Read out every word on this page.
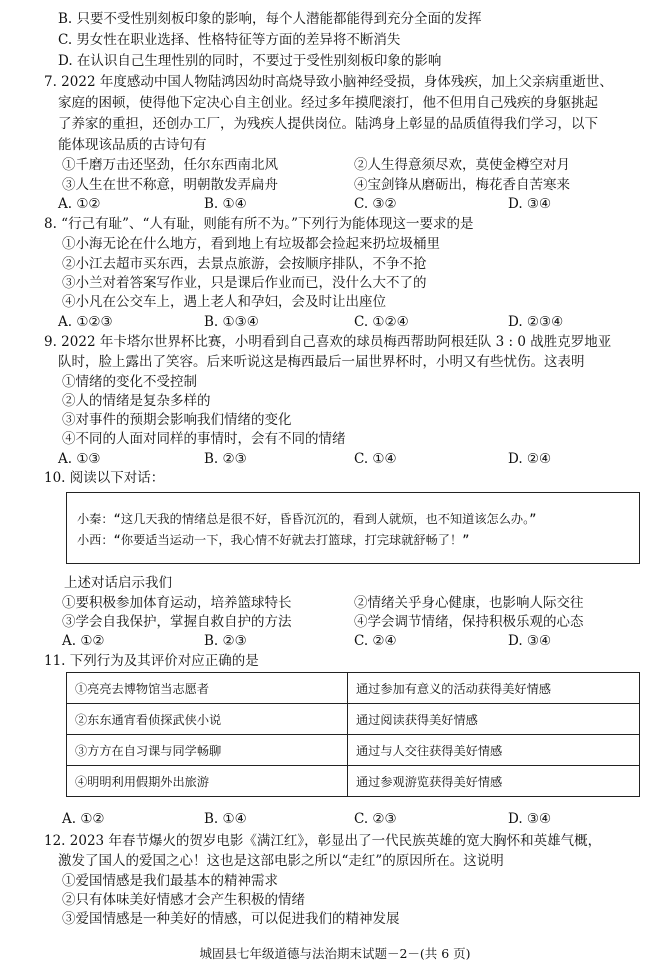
B. 只要不受性别刻板印象的影响，每个人潜能都能得到充分全面的发挥
C. 男女性在职业选择、性格特征等方面的差异将不断消失
D. 在认识自己生理性别的同时，不要过于受性别刻板印象的影响
7. 2022 年度感动中国人物陆鸿因幼时高烧导致小脑神经受损，身体残疾，加上父亲病重逝世、
家庭的困顿，使得他下定决心自主创业。经过多年摸爬滚打，他不但用自己残疾的身躯挑起
了养家的重担，还创办工厂，为残疾人提供岗位。陆鸿身上彰显的品质值得我们学习，以下
能体现该品质的古诗句有
①千磨万击还坚劲，任尔东西南北风	②人生得意须尽欢，莫使金樽空对月
③人生在世不称意，明朝散发弄扁舟	④宝剑锋从磨砺出，梅花香自苦寒来
A. ①②	B. ①④	C. ③②	D. ③④
8. “行己有耻”、“人有耻，则能有所不为。”下列行为能体现这一要求的是
①小海无论在什么地方，看到地上有垃圾都会捡起来扔垃圾桶里
②小江去超市买东西，去景点旅游，会按顺序排队，不争不抢
③小兰对着答案写作业，只是课后作业而已，没什么大不了的
④小凡在公交车上，遇上老人和孕妇，会及时让出座位
A. ①②③	B. ①③④	C. ①②④	D. ②③④
9. 2022 年卡塔尔世界杯比赛，小明看到自己喜欢的球员梅西帮助阿根廷队 3 : 0 战胜克罗地亚
队时，脸上露出了笑容。后来听说这是梅西最后一届世界杯时，小明又有些忧伤。这表明
①情绪的变化不受控制
②人的情绪是复杂多样的
③对事件的预期会影响我们情绪的变化
④不同的人面对同样的事情时，会有不同的情绪
A. ①③	B. ②③	C. ①④	D. ②④
10. 阅读以下对话：
小秦：“这几天我的情绪总是很不好，昏昏沉沉的，看到人就烦，也不知道该怎么办。”
小西：“你要适当运动一下，我心情不好就去打篮球，打完球就舒畅了！”
上述对话启示我们
①要积极参加体育运动，培养篮球特长	②情绪关乎身心健康，也影响人际交往
③学会自我保护，掌握自救自护的方法	④学会调节情绪，保持积极乐观的心态
A. ①②	B. ②③	C. ②④	D. ③④
11. 下列行为及其评价对应正确的是
①亮亮去博物馆当志愿者	通过参加有意义的活动获得美好情感
②东东通宵看侦探武侠小说	通过阅读获得美好情感
③方方在自习课与同学畅聊	通过与人交往获得美好情感
④明明利用假期外出旅游	通过参观游览获得美好情感
A. ①②	B. ①④	C. ②③	D. ③④
12. 2023 年春节爆火的贺岁电影《满江红》，彰显出了一代民族英雄的宽大胸怀和英雄气概，
激发了国人的爱国之心！这也是这部电影之所以“走红”的原因所在。这说明
①爱国情感是我们最基本的精神需求
②只有体味美好情感才会产生积极的情绪
③爱国情感是一种美好的情感，可以促进我们的精神发展
城固县七年级道德与法治期末试题－2－(共 6 页)
